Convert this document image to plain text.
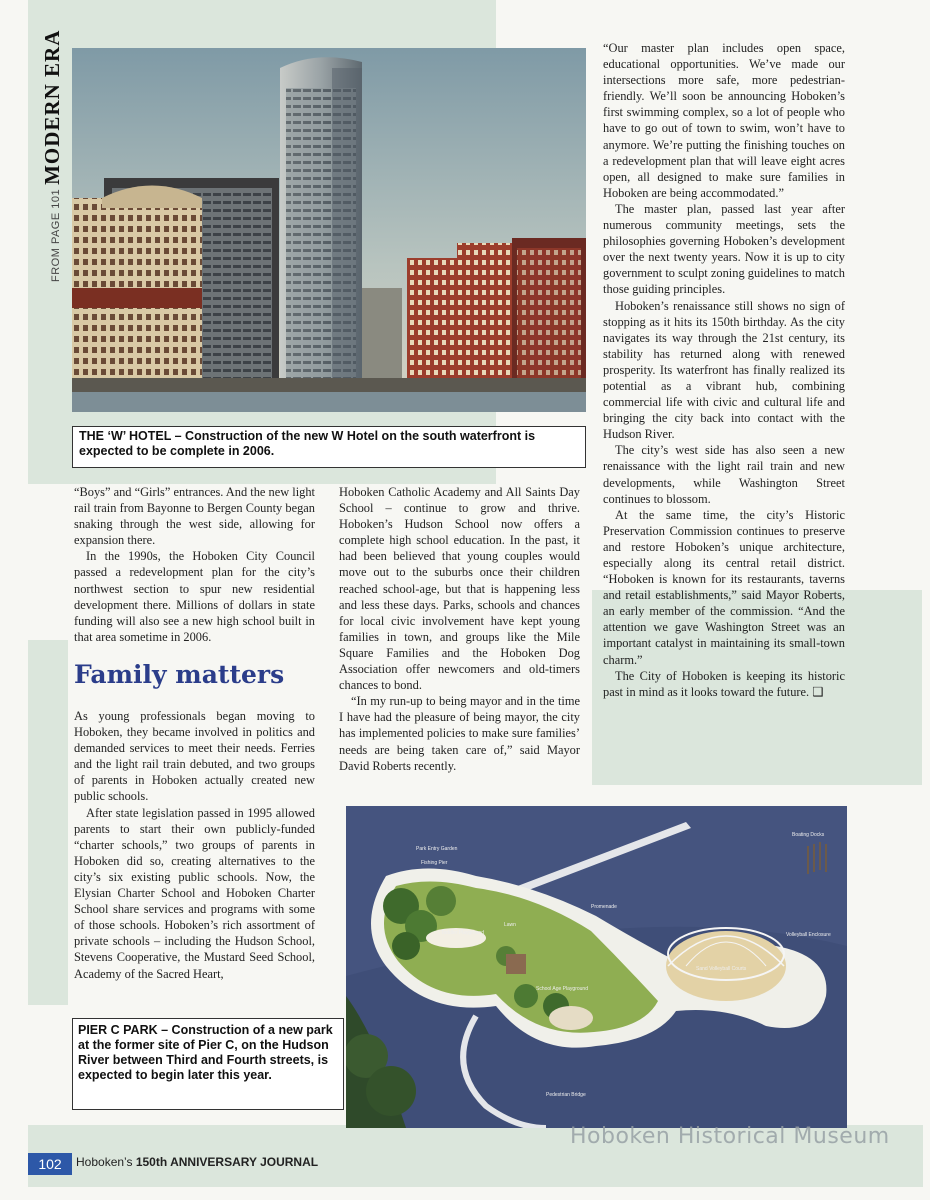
FROM PAGE 101 MODERN ERA
THE ‘W’ HOTEL – Construction of the new W Hotel on the south waterfront is expected to be complete in 2006.

“Boys” and “Girls” entrances. And the new light rail train from Bayonne to Bergen County began snaking through the west side, allowing for expansion there.

In the 1990s, the Hoboken City Council passed a redevelopment plan for the city’s northwest section to spur new residential development there. Millions of dollars in state funding will also see a new high school built in that area sometime in 2006.

Family matters

As young professionals began moving to Hoboken, they became involved in politics and demanded services to meet their needs. Ferries and the light rail train debuted, and two groups of parents in Hoboken actually created new public schools.

After state legislation passed in 1995 allowed parents to start their own publicly-funded “charter schools,” two groups of parents in Hoboken did so, creating alternatives to the city’s six existing public schools. Now, the Elysian Charter School and Hoboken Charter School share services and programs with some of those schools. Hoboken’s rich assortment of private schools – including the Hudson School, Stevens Cooperative, the Mustard Seed School, Academy of the Sacred Heart,

Hoboken Catholic Academy and All Saints Day School – continue to grow and thrive. Hoboken’s Hudson School now offers a complete high school education. In the past, it had been believed that young couples would move out to the suburbs once their children reached school-age, but that is happening less and less these days. Parks, schools and chances for local civic involvement have kept young families in town, and groups like the Mile Square Families and the Hoboken Dog Association offer newcomers and old-timers chances to bond.

“In my run-up to being mayor and in the time I have had the pleasure of being mayor, the city has implemented policies to make sure families’ needs are being taken care of,” said Mayor David Roberts recently.

“Our master plan includes open space, educational opportunities. We’ve made our intersections more safe, more pedestrian-friendly. We’ll soon be announcing Hoboken’s first swimming complex, so a lot of people who have to go out of town to swim, won’t have to anymore. We’re putting the finishing touches on a redevelopment plan that will leave eight acres open, all designed to make sure families in Hoboken are being accommodated.”

The master plan, passed last year after numerous community meetings, sets the philosophies governing Hoboken’s development over the next twenty years. Now it is up to city government to sculpt zoning guidelines to match those guiding principles.

Hoboken’s renaissance still shows no sign of stopping as it hits its 150th birthday. As the city navigates its way through the 21st century, its stability has returned along with renewed prosperity. Its waterfront has finally realized its potential as a vibrant hub, combining commercial life with civic and cultural life and bringing the city back into contact with the Hudson River.

The city’s west side has also seen a new renaissance with the light rail train and new developments, while Washington Street continues to blossom.

At the same time, the city’s Historic Preservation Commission continues to preserve and restore Hoboken’s unique architecture, especially along its central retail district. “Hoboken is known for its restaurants, taverns and retail establishments,” said Mayor Roberts, an early member of the commission. “And the attention we gave Washington Street was an important catalyst in maintaining its small-town charm.”

The City of Hoboken is keeping its historic past in mind as it looks toward the future. ❑

Park Entry Garden
Fishing Pier
Promenade
Lawn
Sand Volleyball Courts
Volleyball Enclosure
School Age Playground
Toddler Playground
Pedestrian Bridge
Boating Docks
PIER C PARK – Construction of a new park at the former site of Pier C, on the Hudson River between Third and Fourth streets, is expected to begin later this year.
102	Hoboken’s 150th ANNIVERSARY JOURNAL
Hoboken Historical Museum
